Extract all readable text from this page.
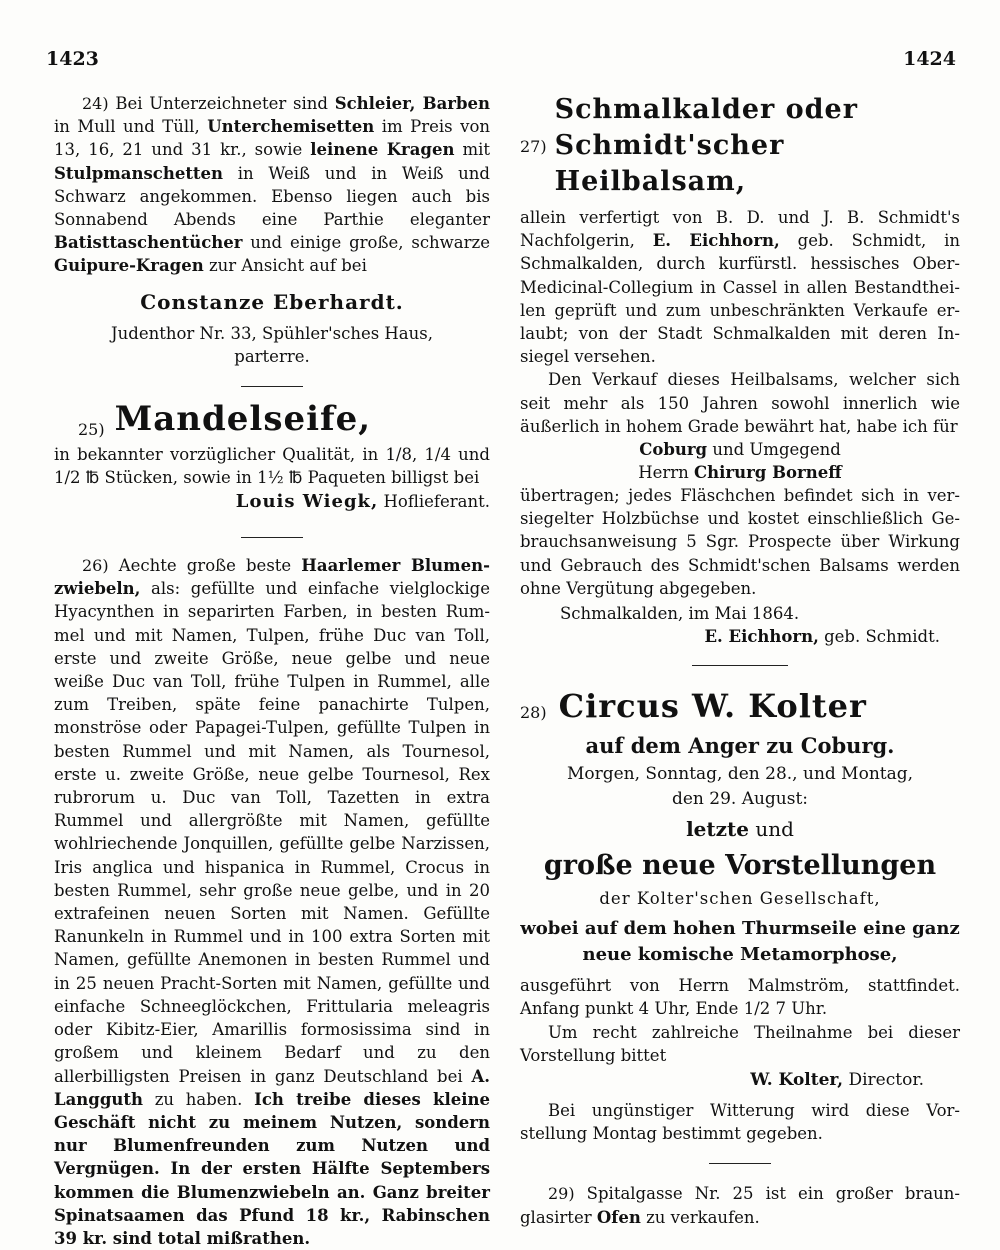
1423	1424

24) Bei Unterzeichneter sind Schleier, Barben in Mull und Tüll, Unterchemisetten im Preis von 13, 16, 21 und 31 kr., sowie leinene Kragen mit Stulpmanschetten in Weiß und in Weiß und Schwarz angekommen. Ebenso liegen auch bis Sonnabend Abends eine Parthie eleganter Batisttaschentücher und einige große, schwarze Guipure-Kragen zur Ansicht auf bei

Constanze Eberhardt.

Judenthor Nr. 33, Spühler'sches Haus,

parterre.

25) Mandelseife,

in bekannter vorzüglicher Qualität, in 1/8, 1/4 und 1/2 ℔ Stücken, sowie in 1½ ℔ Paqueten billigst bei

Louis Wiegk, Hoflieferant.

26) Aechte große beste Haarlemer Blumenzwiebeln, als: gefüllte und einfache vielglockige Hyacynthen in separirten Farben, in besten Rummel und mit Namen, Tulpen, frühe Duc van Toll, erste und zweite Größe, neue gelbe und neue weiße Duc van Toll, frühe Tulpen in Rummel, alle zum Treiben, späte feine panachirte Tulpen, monströse oder Papagei-Tulpen, gefüllte Tulpen in besten Rummel und mit Namen, als Tournesol, erste u. zweite Größe, neue gelbe Tournesol, Rex rubrorum u. Duc van Toll, Tazetten in extra Rummel und allergrößte mit Namen, gefüllte wohlriechende Jonquillen, gefüllte gelbe Narzissen, Iris anglica und hispanica in Rummel, Crocus in besten Rummel, sehr große neue gelbe, und in 20 extrafeinen neuen Sorten mit Namen. Gefüllte Ranunkeln in Rummel und in 100 extra Sorten mit Namen, gefüllte Anemonen in besten Rummel und in 25 neuen Pracht-Sorten mit Namen, gefüllte und einfache Schneeglöckchen, Frittularia meleagris oder Kibitz-Eier, Amarillis formosissima sind in großem und kleinem Bedarf und zu den allerbilligsten Preisen in ganz Deutschland bei A. Langguth zu haben. Ich treibe dieses kleine Geschäft nicht zu meinem Nutzen, sondern nur Blumenfreunden zum Nutzen und Vergnügen. In der ersten Hälfte Septembers kommen die Blumenzwiebeln an. Ganz breiter Spinatsaamen das Pfund 18 kr., Rabinschen 39 kr. sind total mißrathen.

27)
Schmalkalder oder Schmidt'scher Heilbalsam,

allein verfertigt von B. D. und J. B. Schmidt's Nachfolgerin, E. Eichhorn, geb. Schmidt, in Schmalkalden, durch kurfürstl. hessisches Ober-Medicinal-Collegium in Cassel in allen Bestandtheilen geprüft und zum unbeschränkten Verkaufe erlaubt; von der Stadt Schmalkalden mit deren Insiegel versehen.

Den Verkauf dieses Heilbalsams, welcher sich seit mehr als 150 Jahren sowohl innerlich wie äußerlich in hohem Grade bewährt hat, habe ich für

Coburg und Umgegend

Herrn Chirurg Borneff

übertragen; jedes Fläschchen befindet sich in versiegelter Holzbüchse und kostet einschließlich Gebrauchsanweisung 5 Sgr. Prospecte über Wirkung und Gebrauch des Schmidt'schen Balsams werden ohne Vergütung abgegeben.

Schmalkalden, im Mai 1864.

E. Eichhorn, geb. Schmidt.

28) Circus W. Kolter

auf dem Anger zu Coburg.

Morgen, Sonntag, den 28., und Montag,

den 29. August:

letzte und

große neue Vorstellungen

der Kolter'schen Gesellschaft,

wobei auf dem hohen Thurmseile eine ganz neue komische Metamorphose,

ausgeführt von Herrn Malmström, stattfindet. Anfang punkt 4 Uhr, Ende 1/2 7 Uhr.

Um recht zahlreiche Theilnahme bei dieser Vorstellung bittet

W. Kolter, Director.

Bei ungünstiger Witterung wird diese Vorstellung Montag bestimmt gegeben.

29) Spitalgasse Nr. 25 ist ein großer braunglasirter Ofen zu verkaufen.
